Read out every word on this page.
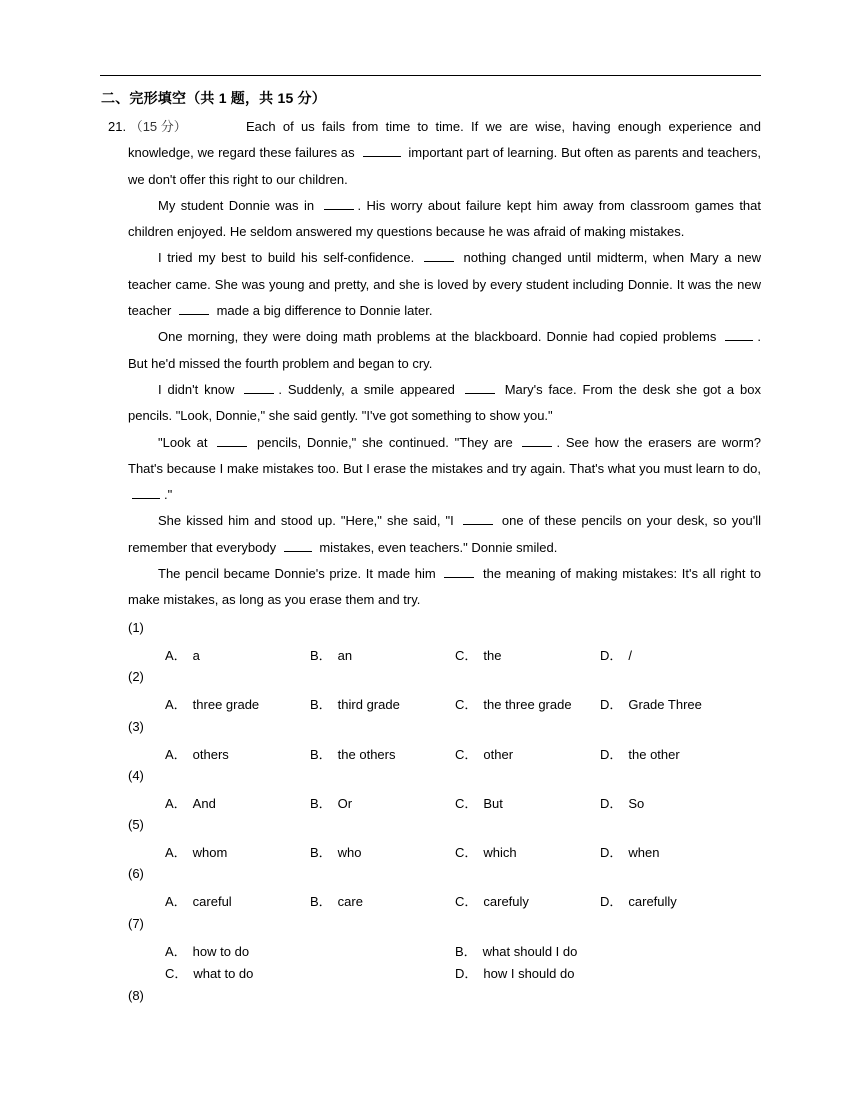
二、完形填空（共 1 题，共 15 分）
21. （15 分）	Each of us fails from time to time. If we are wise, having enough experience and knowledge, we regard these failures as	important part of learning. But often as parents and teachers, we don't offer this right to our children.

My student Donnie was in	. His worry about failure kept him away from classroom games that children enjoyed. He seldom answered my questions because he was afraid of making mistakes.

I tried my best to build his self-confidence.	nothing changed until midterm, when Mary a new teacher came. She was young and pretty, and she is loved by every student including Donnie. It was the new teacher	made a big difference to Donnie later.

One morning, they were doing math problems at the blackboard. Donnie had copied problems	. But he'd missed the fourth problem and began to cry.

I didn't know	. Suddenly, a smile appeared	Mary's face. From the desk she got a box pencils. "Look, Donnie," she said gently. "I've got something to show you."

"Look at	pencils, Donnie," she continued. "They are	. See how the erasers are worm? That's because I make mistakes too. But I erase the mistakes and try again. That's what you must learn to do, ."

She kissed him and stood up. "Here," she said, "I	one of these pencils on your desk, so you'll remember that everybody	mistakes, even teachers." Donnie smiled.

The pencil became Donnie's prize. It made him	the meaning of making mistakes: It's all right to make mistakes, as long as you erase them and try.

(1)
A． a	B． an	C． the	D． /
(2)
A． three grade	B． third grade	C． the three grade	D． Grade Three
(3)
A． others	B． the others	C． other	D． the other
(4)
A． And	B． Or	C． But	D． So
(5)
A． whom	B． who	C． which	D． when
(6)
A． careful	B． care	C． carefuly	D． carefully
(7)
A． how to do	B． what should I do
C． what to do	D． how I should do
(8)
